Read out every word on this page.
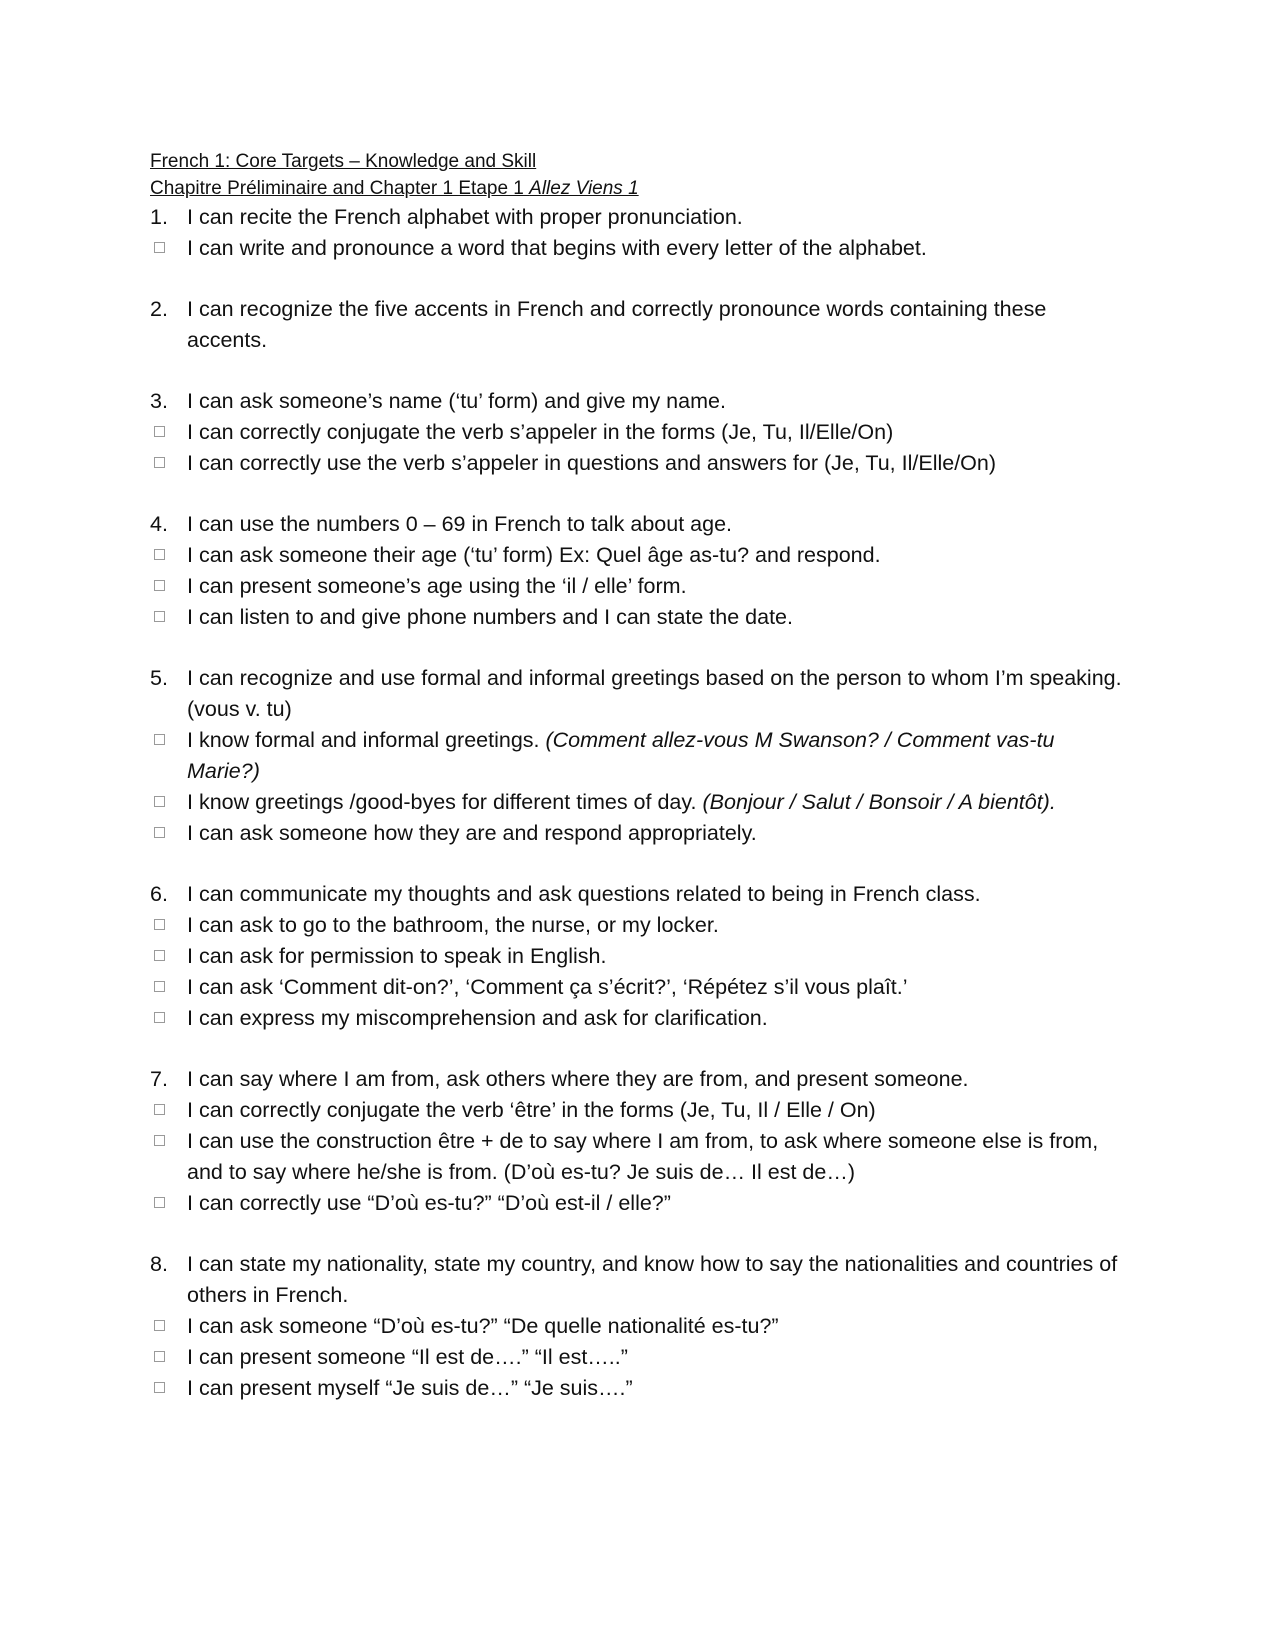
French 1: Core Targets – Knowledge and Skill
Chapitre Préliminaire and Chapter 1 Etape 1 Allez Viens 1
1. I can recite the French alphabet with proper pronunciation.
I can write and pronounce a word that begins with every letter of the alphabet.
2. I can recognize the five accents in French and correctly pronounce words containing these accents.
3. I can ask someone’s name (‘tu’ form) and give my name.
I can correctly conjugate the verb s’appeler in the forms (Je, Tu, Il/Elle/On)
I can correctly use the verb s’appeler in questions and answers for (Je, Tu, Il/Elle/On)
4. I can use the numbers 0 – 69 in French to talk about age.
I can ask someone their age (‘tu’ form) Ex: Quel âge as-tu? and respond.
I can present someone’s age using the ‘il / elle’ form.
I can listen to and give phone numbers and I can state the date.
5. I can recognize and use formal and informal greetings based on the person to whom I’m speaking. (vous v. tu)
I know formal and informal greetings. (Comment allez-vous M Swanson? / Comment vas-tu Marie?)
I know greetings /good-byes for different times of day. (Bonjour / Salut / Bonsoir / A bientôt).
I can ask someone how they are and respond appropriately.
6. I can communicate my thoughts and ask questions related to being in French class.
I can ask to go to the bathroom, the nurse, or my locker.
I can ask for permission to speak in English.
I can ask ‘Comment dit-on?’, ‘Comment ça s’écrit?’, ‘Répétez s’il vous plaît.’
I can express my miscomprehension and ask for clarification.
7. I can say where I am from, ask others where they are from, and present someone.
I can correctly conjugate the verb ‘être’ in the forms (Je, Tu, Il / Elle / On)
I can use the construction être + de to say where I am from, to ask where someone else is from, and to say where he/she is from. (D’où es-tu? Je suis de… Il est de…)
I can correctly use “D’où es-tu?” “D’où est-il / elle?”
8. I can state my nationality, state my country, and know how to say the nationalities and countries of others in French.
I can ask someone “D’où es-tu?” “De quelle nationalité es-tu?”
I can present someone “Il est de….” “Il est…..”
I can present myself “Je suis de…” “Je suis….”
